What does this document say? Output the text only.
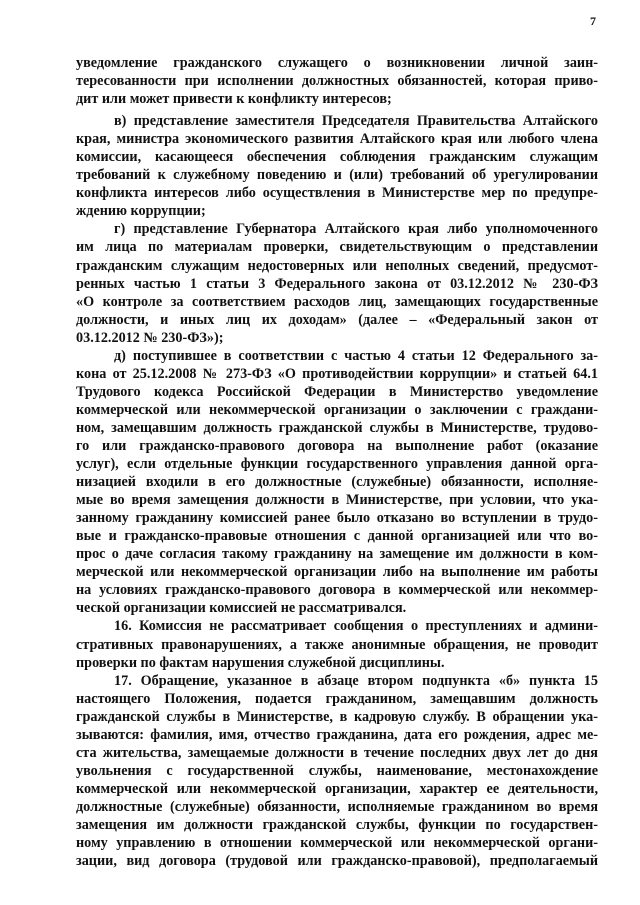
7
уведомление гражданского служащего о возникновении личной заин-
тересованности при исполнении должностных обязанностей, которая приво-
дит или может привести к конфликту интересов;
в) представление заместителя Председателя Правительства Алтайского
края, министра экономического развития Алтайского края или любого члена
комиссии, касающееся обеспечения соблюдения гражданским служащим
требований к служебному поведению и (или) требований об урегулировании
конфликта интересов либо осуществления в Министерстве мер по предупре-
ждению коррупции;
г) представление Губернатора Алтайского края либо уполномоченного
им лица по материалам проверки, свидетельствующим о представлении
гражданским служащим недостоверных или неполных сведений, предусмот-
ренных частью 1 статьи 3 Федерального закона от 03.12.2012 № 230-ФЗ
«О контроле за соответствием расходов лиц, замещающих государственные
должности, и иных лиц их доходам» (далее – «Федеральный закон от
03.12.2012 № 230-ФЗ»);
д) поступившее в соответствии с частью 4 статьи 12 Федерального за-
кона от 25.12.2008 № 273-ФЗ «О противодействии коррупции» и статьей 64.1
Трудового кодекса Российской Федерации в Министерство уведомление
коммерческой или некоммерческой организации о заключении с граждани-
ном, замещавшим должность гражданской службы в Министерстве, трудово-
го или гражданско-правового договора на выполнение работ (оказание
услуг), если отдельные функции государственного управления данной орга-
низацией входили в его должностные (служебные) обязанности, исполняе-
мые во время замещения должности в Министерстве, при условии, что ука-
занному гражданину комиссией ранее было отказано во вступлении в трудо-
вые и гражданско-правовые отношения с данной организацией или что во-
прос о даче согласия такому гражданину на замещение им должности в ком-
мерческой или некоммерческой организации либо на выполнение им работы
на условиях гражданско-правового договора в коммерческой или некоммер-
ческой организации комиссией не рассматривался.
16. Комиссия не рассматривает сообщения о преступлениях и админи-
стративных правонарушениях, а также анонимные обращения, не проводит
проверки по фактам нарушения служебной дисциплины.
17. Обращение, указанное в абзаце втором подпункта «б» пункта 15
настоящего Положения, подается гражданином, замещавшим должность
гражданской службы в Министерстве, в кадровую службу. В обращении ука-
зываются: фамилия, имя, отчество гражданина, дата его рождения, адрес ме-
ста жительства, замещаемые должности в течение последних двух лет до дня
увольнения с государственной службы, наименование, местонахождение
коммерческой или некоммерческой организации, характер ее деятельности,
должностные (служебные) обязанности, исполняемые гражданином во время
замещения им должности гражданской службы, функции по государствен-
ному управлению в отношении коммерческой или некоммерческой органи-
зации, вид договора (трудовой или гражданско-правовой), предполагаемый
